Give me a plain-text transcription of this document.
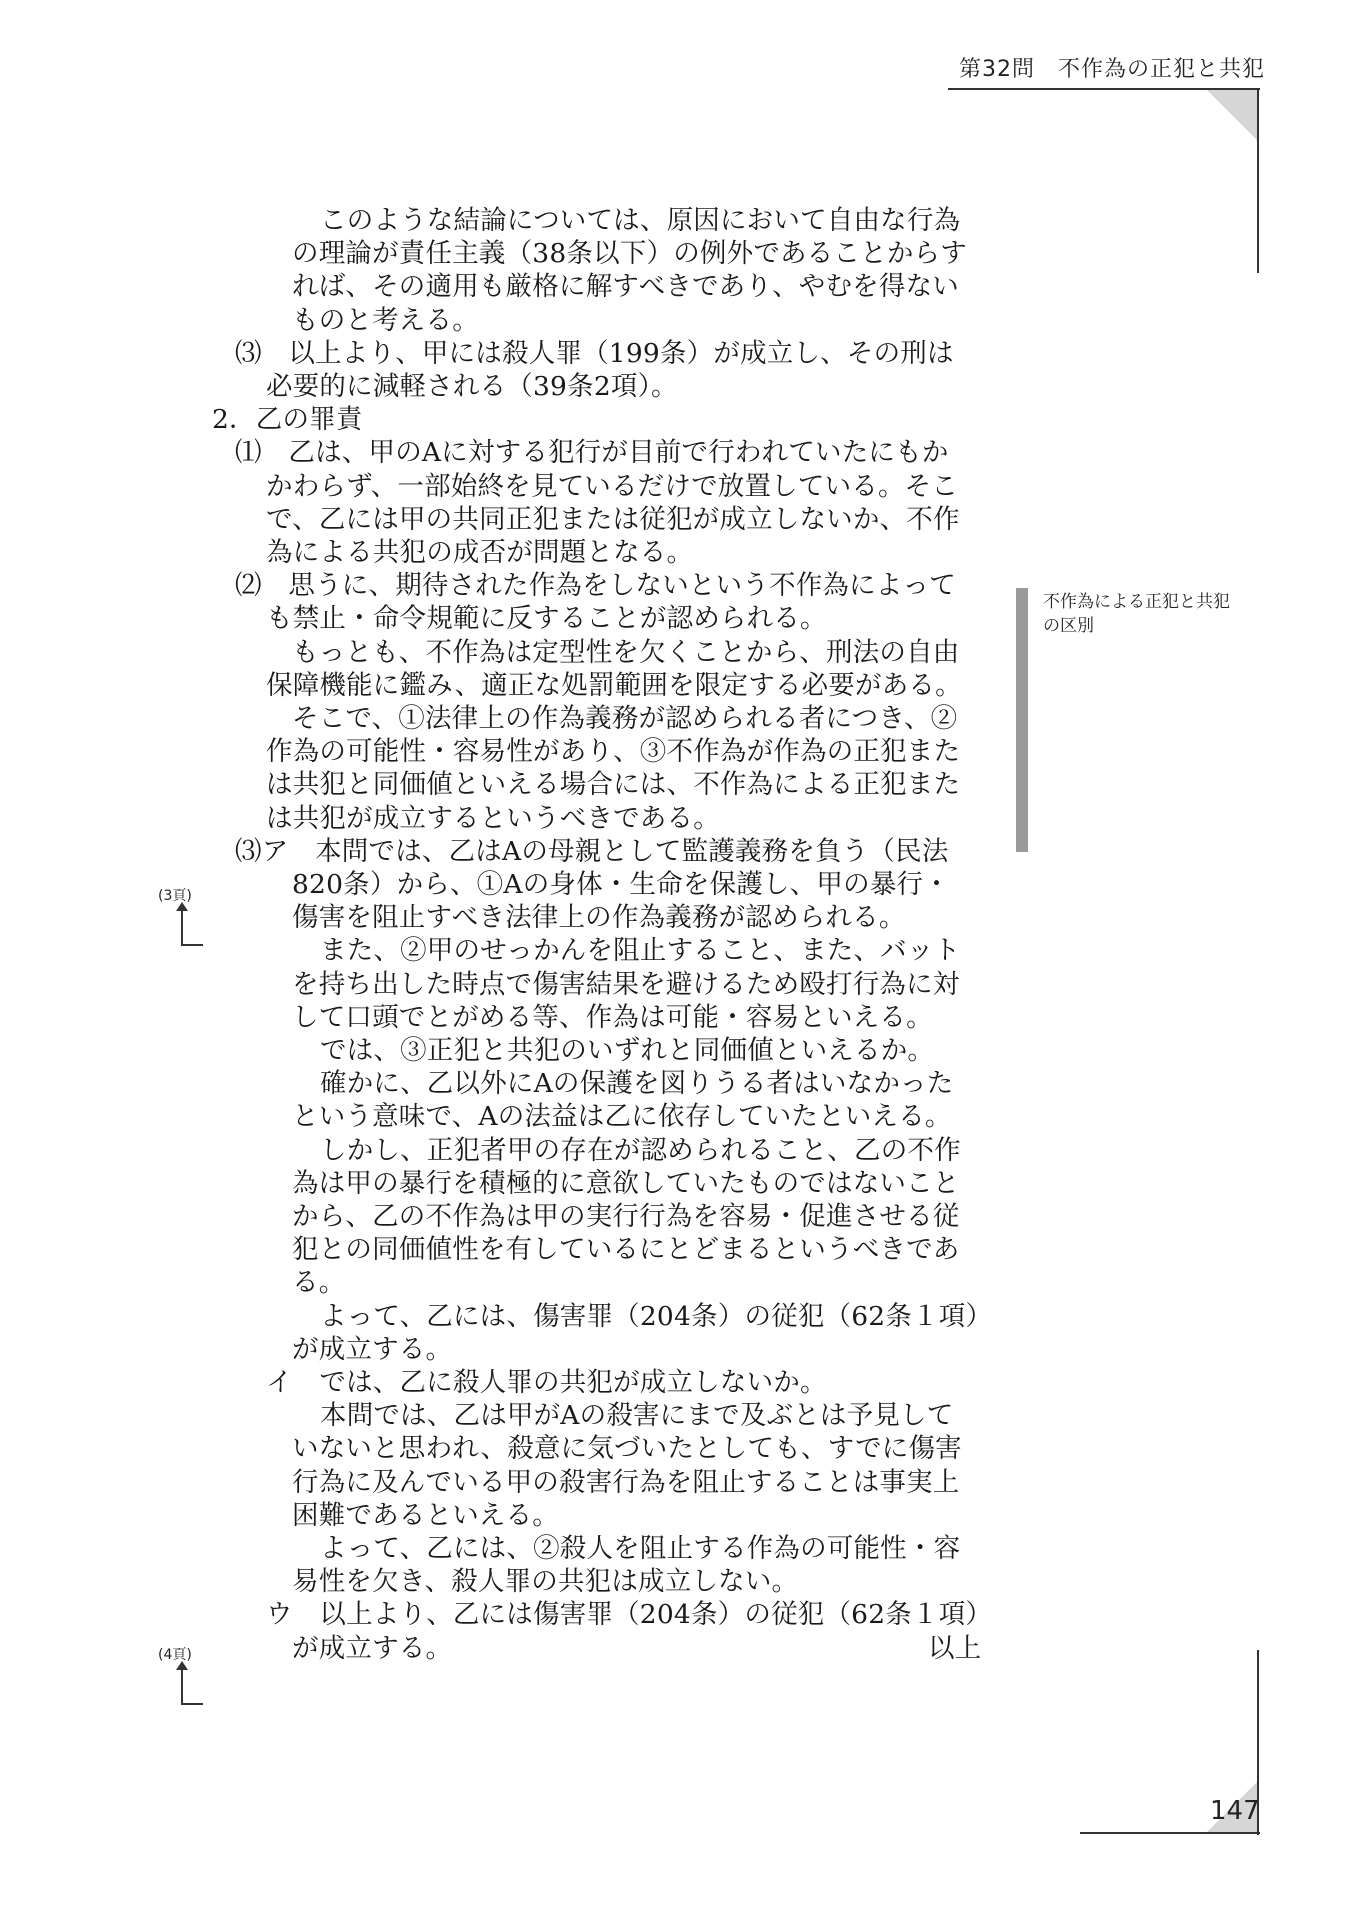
第32問　不作為の正犯と共犯
不作為による正犯と共犯の区別
(3頁)
(4頁)
このような結論については、原因において自由な行為
の理論が責任主義（38条以下）の例外であることからす
れば、その適用も厳格に解すべきであり、やむを得ない
ものと考える。
⑶　以上より、甲には殺人罪（199条）が成立し、その刑は
必要的に減軽される（39条2項）。
2．乙の罪責
⑴　乙は、甲のAに対する犯行が目前で行われていたにもか
かわらず、一部始終を見ているだけで放置している。そこ
で、乙には甲の共同正犯または従犯が成立しないか、不作
為による共犯の成否が問題となる。
⑵　思うに、期待された作為をしないという不作為によって
も禁止・命令規範に反することが認められる。
もっとも、不作為は定型性を欠くことから、刑法の自由
保障機能に鑑み、適正な処罰範囲を限定する必要がある。
そこで、①法律上の作為義務が認められる者につき、②
作為の可能性・容易性があり、③不作為が作為の正犯また
は共犯と同価値といえる場合には、不作為による正犯また
は共犯が成立するというべきである。
⑶ア　本問では、乙はAの母親として監護義務を負う（民法
820条）から、①Aの身体・生命を保護し、甲の暴行・
傷害を阻止すべき法律上の作為義務が認められる。
また、②甲のせっかんを阻止すること、また、バット
を持ち出した時点で傷害結果を避けるため殴打行為に対
して口頭でとがめる等、作為は可能・容易といえる。
では、③正犯と共犯のいずれと同価値といえるか。
確かに、乙以外にAの保護を図りうる者はいなかった
という意味で、Aの法益は乙に依存していたといえる。
しかし、正犯者甲の存在が認められること、乙の不作
為は甲の暴行を積極的に意欲していたものではないこと
から、乙の不作為は甲の実行行為を容易・促進させる従
犯との同価値性を有しているにとどまるというべきであ
る。
よって、乙には、傷害罪（204条）の従犯（62条１項）
が成立する。
イ　では、乙に殺人罪の共犯が成立しないか。
本問では、乙は甲がAの殺害にまで及ぶとは予見して
いないと思われ、殺意に気づいたとしても、すでに傷害
行為に及んでいる甲の殺害行為を阻止することは事実上
困難であるといえる。
よって、乙には、②殺人を阻止する作為の可能性・容
易性を欠き、殺人罪の共犯は成立しない。
ウ　以上より、乙には傷害罪（204条）の従犯（62条１項）
が成立する。	以上
147
